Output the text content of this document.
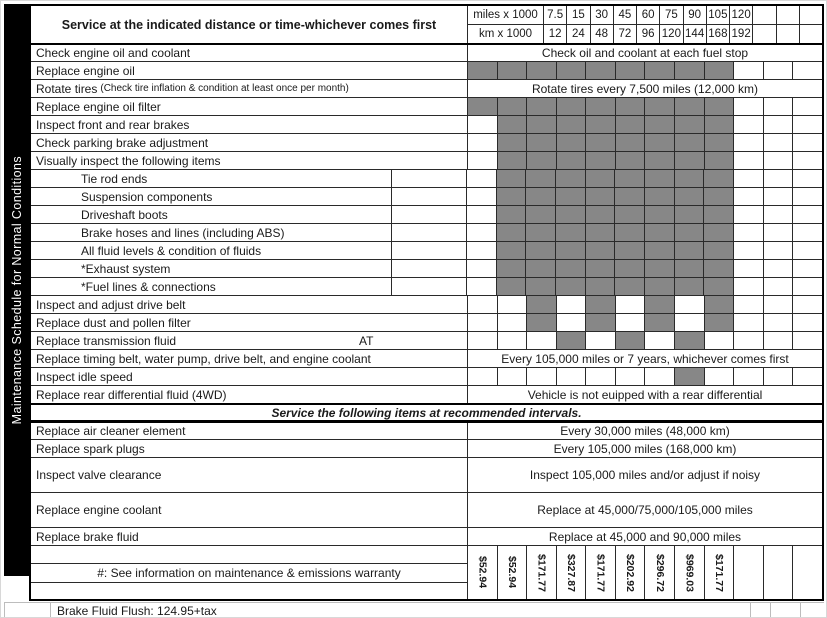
Maintenance Schedule for Normal Conditions
Service at the indicated distance or time-whichever comes first
miles x 1000 7.5 15 30 45 60 75 90 105 120
km x 1000	12 24 48 72 96 120 144 168 192
Check engine oil and coolant	Check oil and coolant at each fuel stop
Replace engine oil
Rotate tires (Check tire inflation & condition at least once per month)	Rotate tires every 7,500 miles (12,000 km)
Replace engine oil filter
Inspect front and rear brakes
Check parking brake adjustment
Visually inspect the following items
Tie rod ends
Suspension components
Driveshaft boots
Brake hoses and lines (including ABS)
All fluid levels & condition of fluids
*Exhaust system
*Fuel lines & connections
Inspect and adjust drive belt
Replace dust and pollen filter
Replace transmission fluid	AT
Replace timing belt, water pump, drive belt, and engine coolant	Every 105,000 miles or 7 years, whichever comes first
Inspect idle speed
Replace rear differential fluid (4WD)	Vehicle is not euipped with a rear differential
Service the following items at recommended intervals.
Replace air cleaner element	Every 30,000 miles (48,000 km)
Replace spark plugs	Every 105,000 miles (168,000 km)
Inspect valve clearance	Inspect 105,000 miles and/or adjust if noisy
Replace engine coolant	Replace at 45,000/75,000/105,000 miles
Replace brake fluid	Replace at 45,000 and 90,000 miles
#: See information on maintenance & emissions warranty	$52.94 $52.94 $171.77 $327.87 $171.77 $202.92 $296.72 $969.03 $171.77
Brake Fluid Flush: 124.95+tax
